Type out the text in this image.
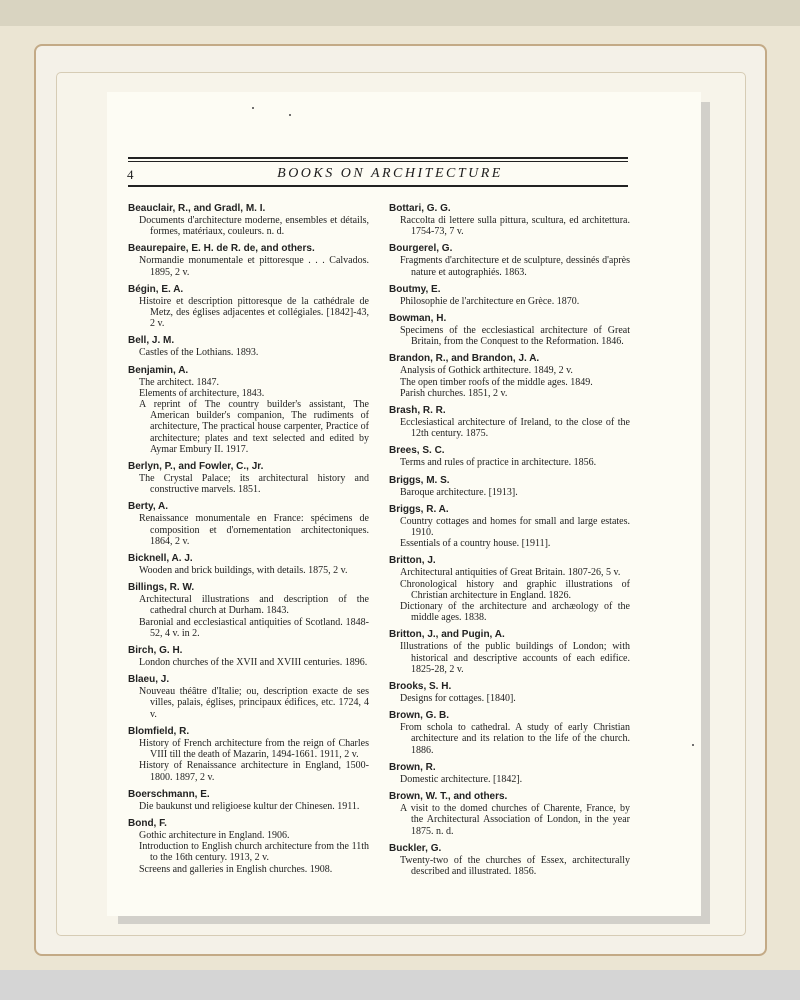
4	BOOKS ON ARCHITECTURE
Beauclair, R., and Gradl, M. I.
Documents d'architecture moderne, ensembles et détails, formes, matériaux, couleurs. n. d.
Beaurepaire, E. H. de R. de, and others.
Normandie monumentale et pittoresque . . . Calvados. 1895, 2 v.
Bégin, E. A.
Histoire et description pittoresque de la cathédrale de Metz, des églises adjacentes et collégiales. [1842]-43, 2 v.
Bell, J. M.
Castles of the Lothians. 1893.
Benjamin, A.
The architect. 1847.
Elements of architecture, 1843.
A reprint of The country builder's assistant, The American builder's companion, The rudiments of architecture, The practical house carpenter, Practice of architecture; plates and text selected and edited by Aymar Embury II. 1917.
Berlyn, P., and Fowler, C., Jr.
The Crystal Palace; its architectural history and constructive marvels. 1851.
Berty, A.
Renaissance monumentale en France: spécimens de composition et d'ornementation architectoniques. 1864, 2 v.
Bicknell, A. J.
Wooden and brick buildings, with details. 1875, 2 v.
Billings, R. W.
Architectural illustrations and description of the cathedral church at Durham. 1843.
Baronial and ecclesiastical antiquities of Scotland. 1848-52, 4 v. in 2.
Birch, G. H.
London churches of the XVII and XVIII centuries. 1896.
Blaeu, J.
Nouveau théâtre d'Italie; ou, description exacte de ses villes, palais, églises, principaux édifices, etc. 1724, 4 v.
Blomfield, R.
History of French architecture from the reign of Charles VIII till the death of Mazarin, 1494-1661. 1911, 2 v.
History of Renaissance architecture in England, 1500-1800. 1897, 2 v.
Boerschmann, E.
Die baukunst und religioese kultur der Chinesen. 1911.
Bond, F.
Gothic architecture in England. 1906.
Introduction to English church architecture from the 11th to the 16th century. 1913, 2 v.
Screens and galleries in English churches. 1908.
Bottari, G. G.
Raccolta di lettere sulla pittura, scultura, ed architettura. 1754-73, 7 v.
Bourgerel, G.
Fragments d'architecture et de sculpture, dessinés d'après nature et autographiés. 1863.
Boutmy, E.
Philosophie de l'architecture en Grèce. 1870.
Bowman, H.
Specimens of the ecclesiastical architecture of Great Britain, from the Conquest to the Reformation. 1846.
Brandon, R., and Brandon, J. A.
Analysis of Gothick arthitecture. 1849, 2 v.
The open timber roofs of the middle ages. 1849.
Parish churches. 1851, 2 v.
Brash, R. R.
Ecclesiastical architecture of Ireland, to the close of the 12th century. 1875.
Brees, S. C.
Terms and rules of practice in architecture. 1856.
Briggs, M. S.
Baroque architecture. [1913].
Briggs, R. A.
Country cottages and homes for small and large estates. 1910.
Essentials of a country house. [1911].
Britton, J.
Architectural antiquities of Great Britain. 1807-26, 5 v.
Chronological history and graphic illustrations of Christian architecture in England. 1826.
Dictionary of the architecture and archæology of the middle ages. 1838.
Britton, J., and Pugin, A.
Illustrations of the public buildings of London; with historical and descriptive accounts of each edifice. 1825-28, 2 v.
Brooks, S. H.
Designs for cottages. [1840].
Brown, G. B.
From schola to cathedral. A study of early Christian architecture and its relation to the life of the church. 1886.
Brown, R.
Domestic architecture. [1842].
Brown, W. T., and others.
A visit to the domed churches of Charente, France, by the Architectural Association of London, in the year 1875. n. d.
Buckler, G.
Twenty-two of the churches of Essex, architecturally described and illustrated. 1856.
